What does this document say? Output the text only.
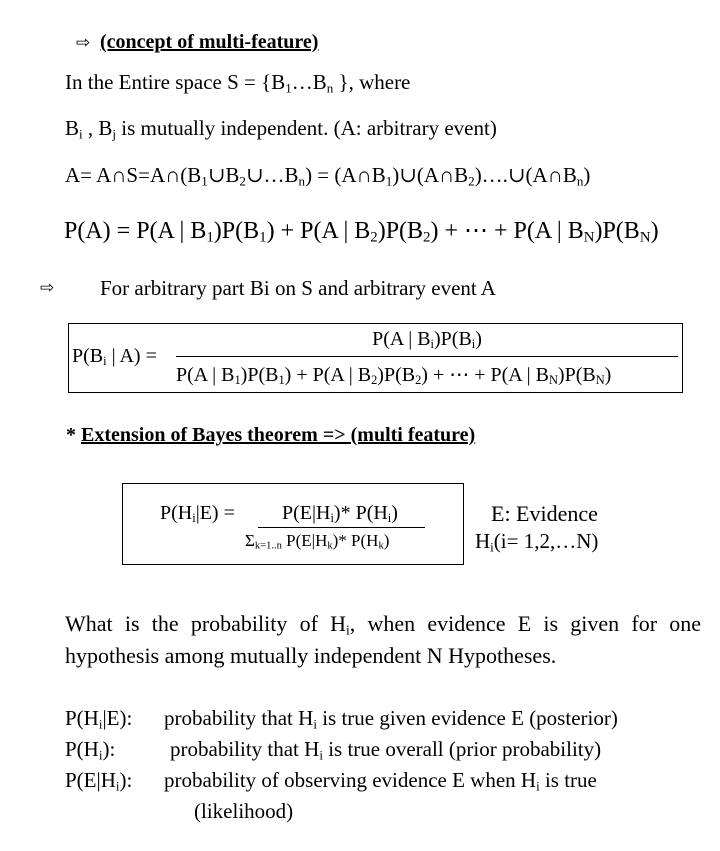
⇨ (concept of multi-feature)
In the Entire space $S = \{B_1\dots B_n$ }, where
$B_i$ , $B_j$ is mutually independent. (A: arbitrary event)
$A= A\cap S=A\cap(B_1\cup B_2\cup\dots B_n)$ = $(A\cap B_1)\cup(A\cap B_2)\dots.\cup(A\cap B_n)$
P(A) = P(A | $B_1)P(B_1) + P(A$ | $B_2)P(B_2)$ + ⋯ + P(A | $B_N)P(B_N)$
⇨ For arbitrary part Bi on S and arbitrary event A
$P(B_i$ | A) =
P(A | $B_i)P(B_i)$
P(A | $B_1)P(B_1) + P(A$ | $B_2)P(B_2)$ + ⋯ + P(A | $B_N)P(B_N)$
* Extension of Bayes theorem => (multi feature)
$P(H_i|E) = P(E|H_i)*$ $P(H_i)$
$\Sigma_{k=1..n}$ $P(E|H_k)*$ $P(H_k)$
E: Evidence
$H_i(i=$ 1,2,…N)
What is the probability of $H_i$, when evidence E is given for one
hypothesis among mutually independent N Hypotheses.
$P(H_i|E)$: probability that $H_i$ is true given evidence E (posterior)
$P(H_i)$:	probability that $H_i$ is true overall (prior probability)
$P(E|H_i)$: probability of observing evidence E when $H_i$ is true
(likelihood)
